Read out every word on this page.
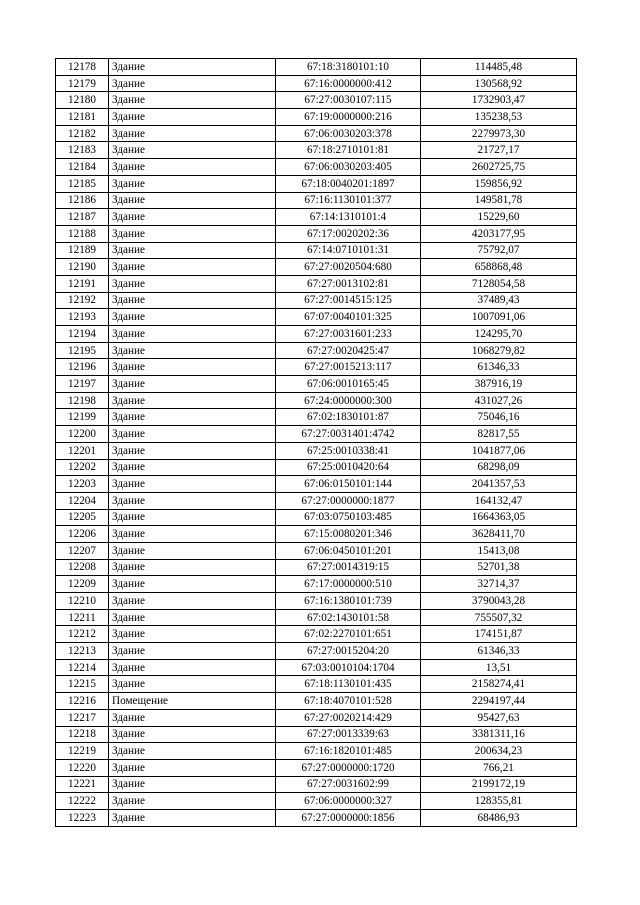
12178	Здание	67:18:3180101:10	114485,48
12179	Здание	67:16:0000000:412	130568,92
12180	Здание	67:27:0030107:115	1732903,47
12181	Здание	67:19:0000000:216	135238,53
12182	Здание	67:06:0030203:378	2279973,30
12183	Здание	67:18:2710101:81	21727,17
12184	Здание	67:06:0030203:405	2602725,75
12185	Здание	67:18:0040201:1897	159856,92
12186	Здание	67:16:1130101:377	149581,78
12187	Здание	67:14:1310101:4	15229,60
12188	Здание	67:17:0020202:36	4203177,95
12189	Здание	67:14:0710101:31	75792,07
12190	Здание	67:27:0020504:680	658868,48
12191	Здание	67:27:0013102:81	7128054,58
12192	Здание	67:27:0014515:125	37489,43
12193	Здание	67:07:0040101:325	1007091,06
12194	Здание	67:27:0031601:233	124295,70
12195	Здание	67:27:0020425:47	1068279,82
12196	Здание	67:27:0015213:117	61346,33
12197	Здание	67:06:0010165:45	387916,19
12198	Здание	67:24:0000000:300	431027,26
12199	Здание	67:02:1830101:87	75046,16
12200	Здание	67:27:0031401:4742	82817,55
12201	Здание	67:25:0010338:41	1041877,06
12202	Здание	67:25:0010420:64	68298,09
12203	Здание	67:06:0150101:144	2041357,53
12204	Здание	67:27:0000000:1877	164132,47
12205	Здание	67:03:0750103:485	1664363,05
12206	Здание	67:15:0080201:346	3628411,70
12207	Здание	67:06:0450101:201	15413,08
12208	Здание	67:27:0014319:15	52701,38
12209	Здание	67:17:0000000:510	32714,37
12210	Здание	67:16:1380101:739	3790043,28
12211	Здание	67:02:1430101:58	755507,32
12212	Здание	67:02:2270101:651	174151,87
12213	Здание	67:27:0015204:20	61346,33
12214	Здание	67:03:0010104:1704	13,51
12215	Здание	67:18:1130101:435	2158274,41
12216	Помещение	67:18:4070101:528	2294197,44
12217	Здание	67:27:0020214:429	95427,63
12218	Здание	67:27:0013339:63	3381311,16
12219	Здание	67:16:1820101:485	200634,23
12220	Здание	67:27:0000000:1720	766,21
12221	Здание	67:27:0031602:99	2199172,19
12222	Здание	67:06:0000000:327	128355,81
12223	Здание	67:27:0000000:1856	68486,93
